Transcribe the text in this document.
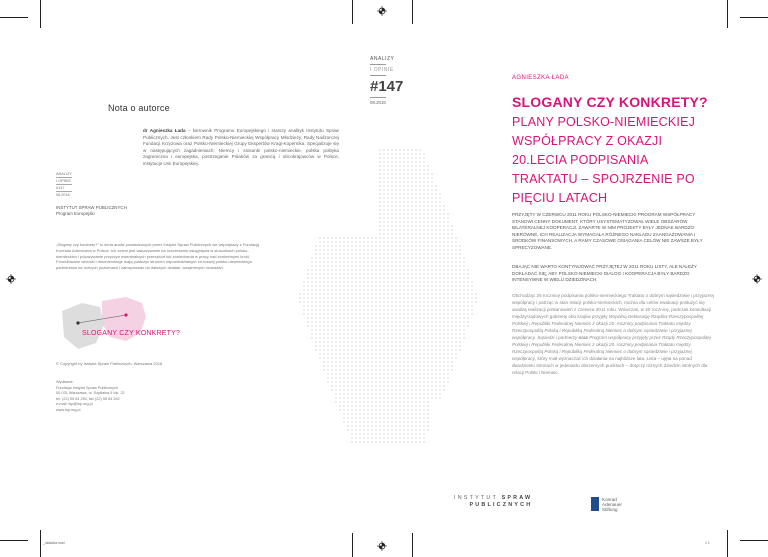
Nota o autorce
dr Agnieszka Łada – kierownik Programu Europejskiego i starszy analityk Instytutu Spraw Publicznych. Jest członkiem Rady Polsko-Niemieckiej Współpracy Młodzieży, Rady Nadzorczej Fundacji Krzyżowa oraz Polsko-Niemieckiej Grupy Ekspertów Kragi-Kopernika. Specjalizuje się w następujących zagadnieniach: Niemcy i stosunki polsko-niemieckie, polska polityka zagraniczna i europejska, postrzeganie Polaków za granicą i obcokrajowców w Polsce, instytucje Unii Europejskiej.
ANALIZY
I OPINIE
#147
08.2016
INSTYTUT SPRAW PUBLICZNYCH
Program Europejski
„Slogany czy konkrety?” to seria analiz prowadzonych przez Instytut Spraw Publicznych we współpracy z Fundacją Konrada Adenauera w Polsce. Ich celem jest wskazywanie na rozczesanie osiągnięcia w stosunkach polsko-niemieckich i pokazywanie przyczyn ewentualnych przeszkód lub zaniechania w pracy nad konkretnymi kroki. Formułowane wnioski i rekomendacje mają posłużyć stronom odpowiedzialnym za rozwój polsko-niemieckiego partnerstwa na różnych poziomach i zainspirować do dalszych działań, wzajemnych rozważań.
SLOGANY CZY KONKRETY?
© Copyright by Instytut Spraw Publicznych, Warszawa 2016
Wydawca:
Fundacja Instytut Spraw Publicznych
00-031 Warszawa, ul. Szpitalna 5 lok. 22
tel. (22) 55 64 260, fax (22) 55 64 262
e-mail: isp@isp.org.pl
www.isp.org.pl
ANALIZY
I OPINIE
#147
08.2016
AGNIESZKA ŁADA
SLOGANY CZY KONKRETY?
PLANY POLSKO-NIEMIECKIEJ WSPÓŁPRACY Z OKAZJI 20.LECIA PODPISANIA TRAKTATU – SPOJRZENIE PO PIĘCIU LATACH
PRZYJĘTY W CZERWCU 2011 ROKU POLSKO-NIEMIECKI PROGRAM WSPÓŁPRACY STANOWI CENNY DOKUMENT, KTÓRY USYSTEMATYZOWAŁ WIELE OBSZARÓW BILATERALNEJ KOOPERACJI. ZAWARTE W NIM PROJEKTY BYŁY JEDNAK BARDZO NIERÓWNE, ICH REALIZACJA WYMAGAŁA RÓŻNEGO NAKŁADU ZAANGAŻOWANIA I ŚRODKÓW FINANSOWYCH, A RAMY CZASOWE OSIĄGANIA CELÓW NIE ZAWSZE BYŁY SPRECYZOWANE.
DBAJĄC NIE WARTO KONTYNUOWAĆ PRZYJĘTEJ W 2011 ROKU LISTY, ALE NALEŻY DOKŁADAĆ SIĘ, ABY POLSKO-NIEMIECKI DIALOG I KOOPERACJA BYŁY BARDZO INTENSYWNE W WIELU DZIEDZINACH.
Obchodząc 25 rocznicę podpisania polsko-niemieckiego Traktatu o dobrym sąsiedztwie i przyjaznej współpracy i patrząc w stan relacji polsko-niemieckich, można dla celów ewaluacji posłużyć się analizą realizacji postanowień z czerwca 2011 roku. Wówczas, w 20 rocznicę, podczas konsultacji międzyrządowych gabinety obu krajów przyjęły Wspólną Deklarację Rządów Rzeczypospolitej Polskiej i Republiki Federalnej Niemiec z okazji 20. rocznicy podpisania Traktatu między Rzeczpospolitą Polską i Republiką Federalną Niemiec o dobrym sąsiedztwie i przyjaznej współpracy. Sąsiedzi i partnerzy oraz Program współpracy przyjęty przez Rządy Rzeczypospolitej Polskiej i Republiki Federalnej Niemiec z okazji 20. rocznicy podpisania Traktatu między Rzeczpospolitą Polską i Republiką Federalną Niemiec o dobrym sąsiedztwie i przyjaznej współpracy, który miał wyznaczać ich działania na najbliższe lata. Lista – ujęta na ponad dwudziestu stronach w jedenastu obszernych punktach – dotyczy różnych dziedzin istotnych dla relacji Polski i Niemiec.
INSTYTUT SPRAW
PUBLICZNYCH
Konrad
Adenauer
Stiftung
_okladka.indd	1 1
